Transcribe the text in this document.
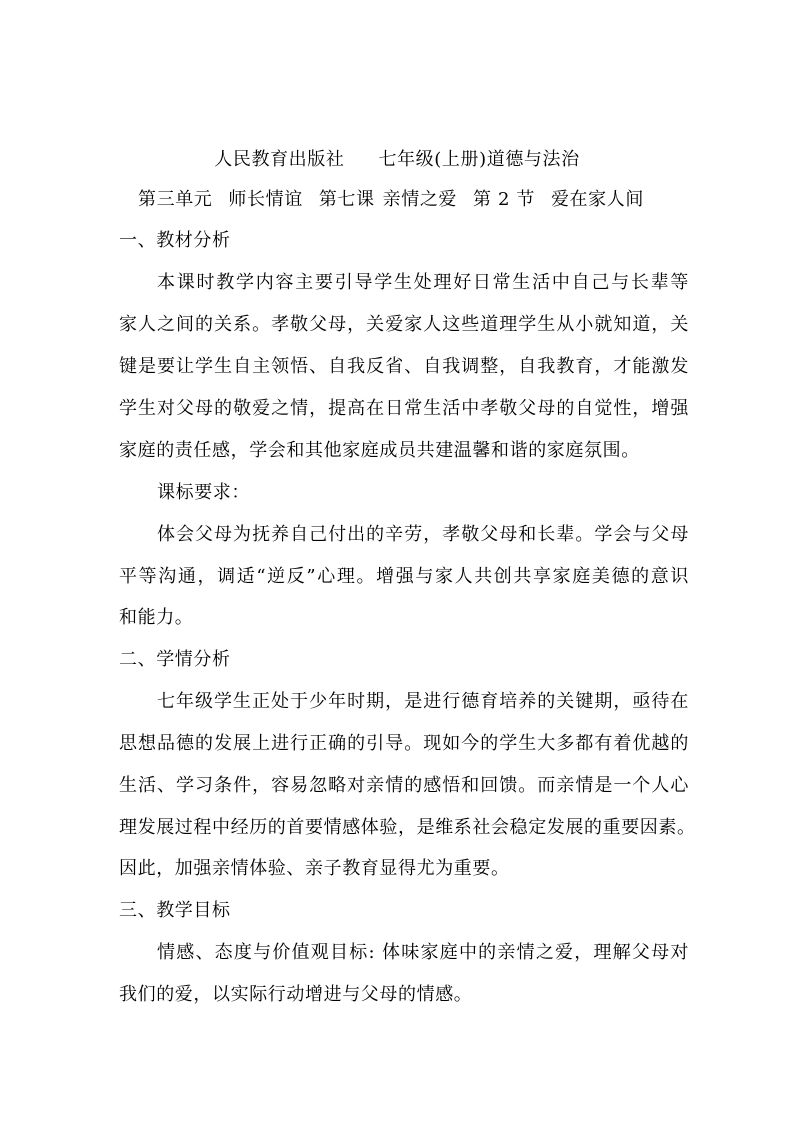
人民教育出版社 七年级(上册)道德与法治
第三单元 师长情谊 第七课 亲情之爱 第 2 节 爱在家人间
一、教材分析
本课时教学内容主要引导学生处理好日常生活中自己与长辈等
家人之间的关系。孝敬父母，关爱家人这些道理学生从小就知道，关
键是要让学生自主领悟、自我反省、自我调整，自我教育，才能激发
学生对父母的敬爱之情，提高在日常生活中孝敬父母的自觉性，增强
家庭的责任感，学会和其他家庭成员共建温馨和谐的家庭氛围。
课标要求：
体会父母为抚养自己付出的辛劳，孝敬父母和长辈。学会与父母
平等沟通，调适“逆反”心理。增强与家人共创共享家庭美德的意识
和能力。
二、学情分析
七年级学生正处于少年时期，是进行德育培养的关键期，亟待在
思想品德的发展上进行正确的引导。现如今的学生大多都有着优越的
生活、学习条件，容易忽略对亲情的感悟和回馈。而亲情是一个人心
理发展过程中经历的首要情感体验，是维系社会稳定发展的重要因素。
因此，加强亲情体验、亲子教育显得尤为重要。
三、教学目标
情感、态度与价值观目标: 体味家庭中的亲情之爱，理解父母对
我们的爱，以实际行动增进与父母的情感。
